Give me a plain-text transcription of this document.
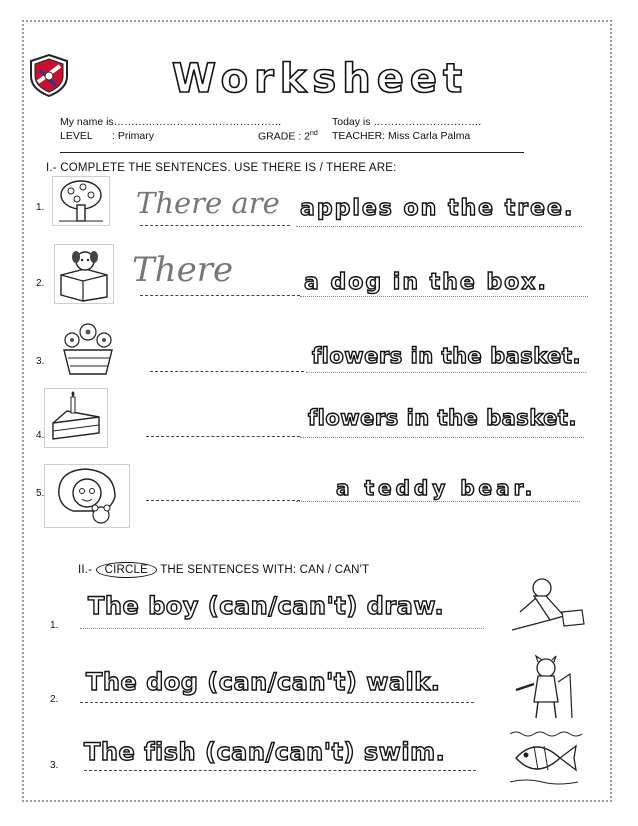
Worksheet
My name is…………………………………………	Today is ………………………….
LEVEL : Primary	GRADE : 2nd TEACHER: Miss Carla Palma
I.- COMPLETE THE SENTENCES. USE THERE IS / THERE ARE:
1.	There are apples on the tree.
2.	There	a dog in the box.
3.	flowers in the basket.
4.
flowers in the basket.
5.	a teddy bear.
II.- CIRCLE THE SENTENCES WITH: CAN / CAN'T
1.
The boy (can/can't) draw.
2.
The dog (can/can't) walk.
3. The fish (can/can't) swim.
